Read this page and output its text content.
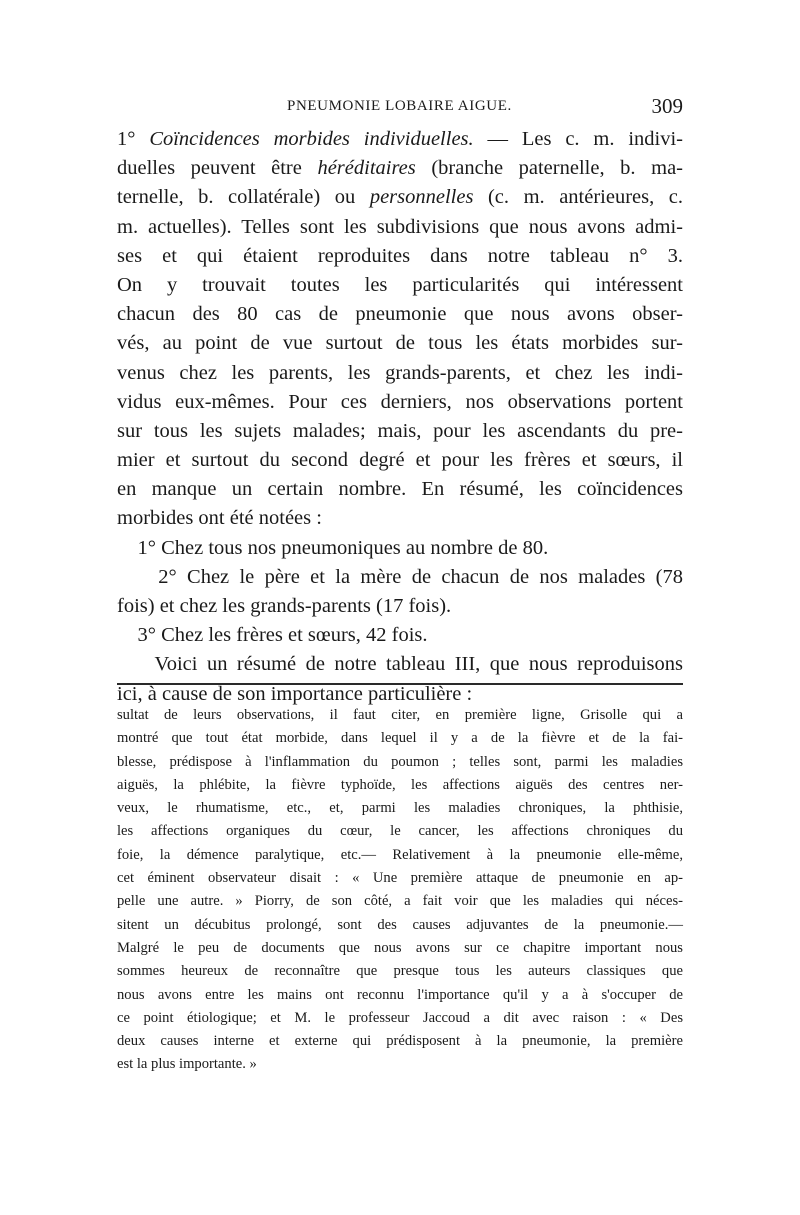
PNEUMONIE LOBAIRE AIGUE.	309
1° Coïncidences morbides individuelles. — Les c. m. indivi-
duelles peuvent être héréditaires (branche paternelle, b. ma-
ternelle, b. collatérale) ou personnelles (c. m. antérieures, c.
m. actuelles). Telles sont les subdivisions que nous avons admi-
ses et qui étaient reproduites dans notre tableau n° 3.
On y trouvait toutes les particularités qui intéressent
chacun des 80 cas de pneumonie que nous avons obser-
vés, au point de vue surtout de tous les états morbides sur-
venus chez les parents, les grands-parents, et chez les indi-
vidus eux-mêmes. Pour ces derniers, nos observations portent
sur tous les sujets malades; mais, pour les ascendants du pre-
mier et surtout du second degré et pour les frères et sœurs, il
en manque un certain nombre. En résumé, les coïncidences
morbides ont été notées :
1° Chez tous nos pneumoniques au nombre de 80.
2° Chez le père et la mère de chacun de nos malades (78
fois) et chez les grands-parents (17 fois).
3° Chez les frères et sœurs, 42 fois.
Voici un résumé de notre tableau III, que nous reproduisons
ici, à cause de son importance particulière :
sultat de leurs observations, il faut citer, en première ligne, Grisolle qui a
montré que tout état morbide, dans lequel il y a de la fièvre et de la fai-
blesse, prédispose à l'inflammation du poumon ; telles sont, parmi les maladies
aiguës, la phlébite, la fièvre typhoïde, les affections aiguës des centres ner-
veux, le rhumatisme, etc., et, parmi les maladies chroniques, la phthisie,
les affections organiques du cœur, le cancer, les affections chroniques du
foie, la démence paralytique, etc.— Relativement à la pneumonie elle-même,
cet éminent observateur disait : « Une première attaque de pneumonie en ap-
pelle une autre. » Piorry, de son côté, a fait voir que les maladies qui néces-
sitent un décubitus prolongé, sont des causes adjuvantes de la pneumonie.—
Malgré le peu de documents que nous avons sur ce chapitre important nous
sommes heureux de reconnaître que presque tous les auteurs classiques que
nous avons entre les mains ont reconnu l'importance qu'il y a à s'occuper de
ce point étiologique; et M. le professeur Jaccoud a dit avec raison : « Des
deux causes interne et externe qui prédisposent à la pneumonie, la première
est la plus importante. »
